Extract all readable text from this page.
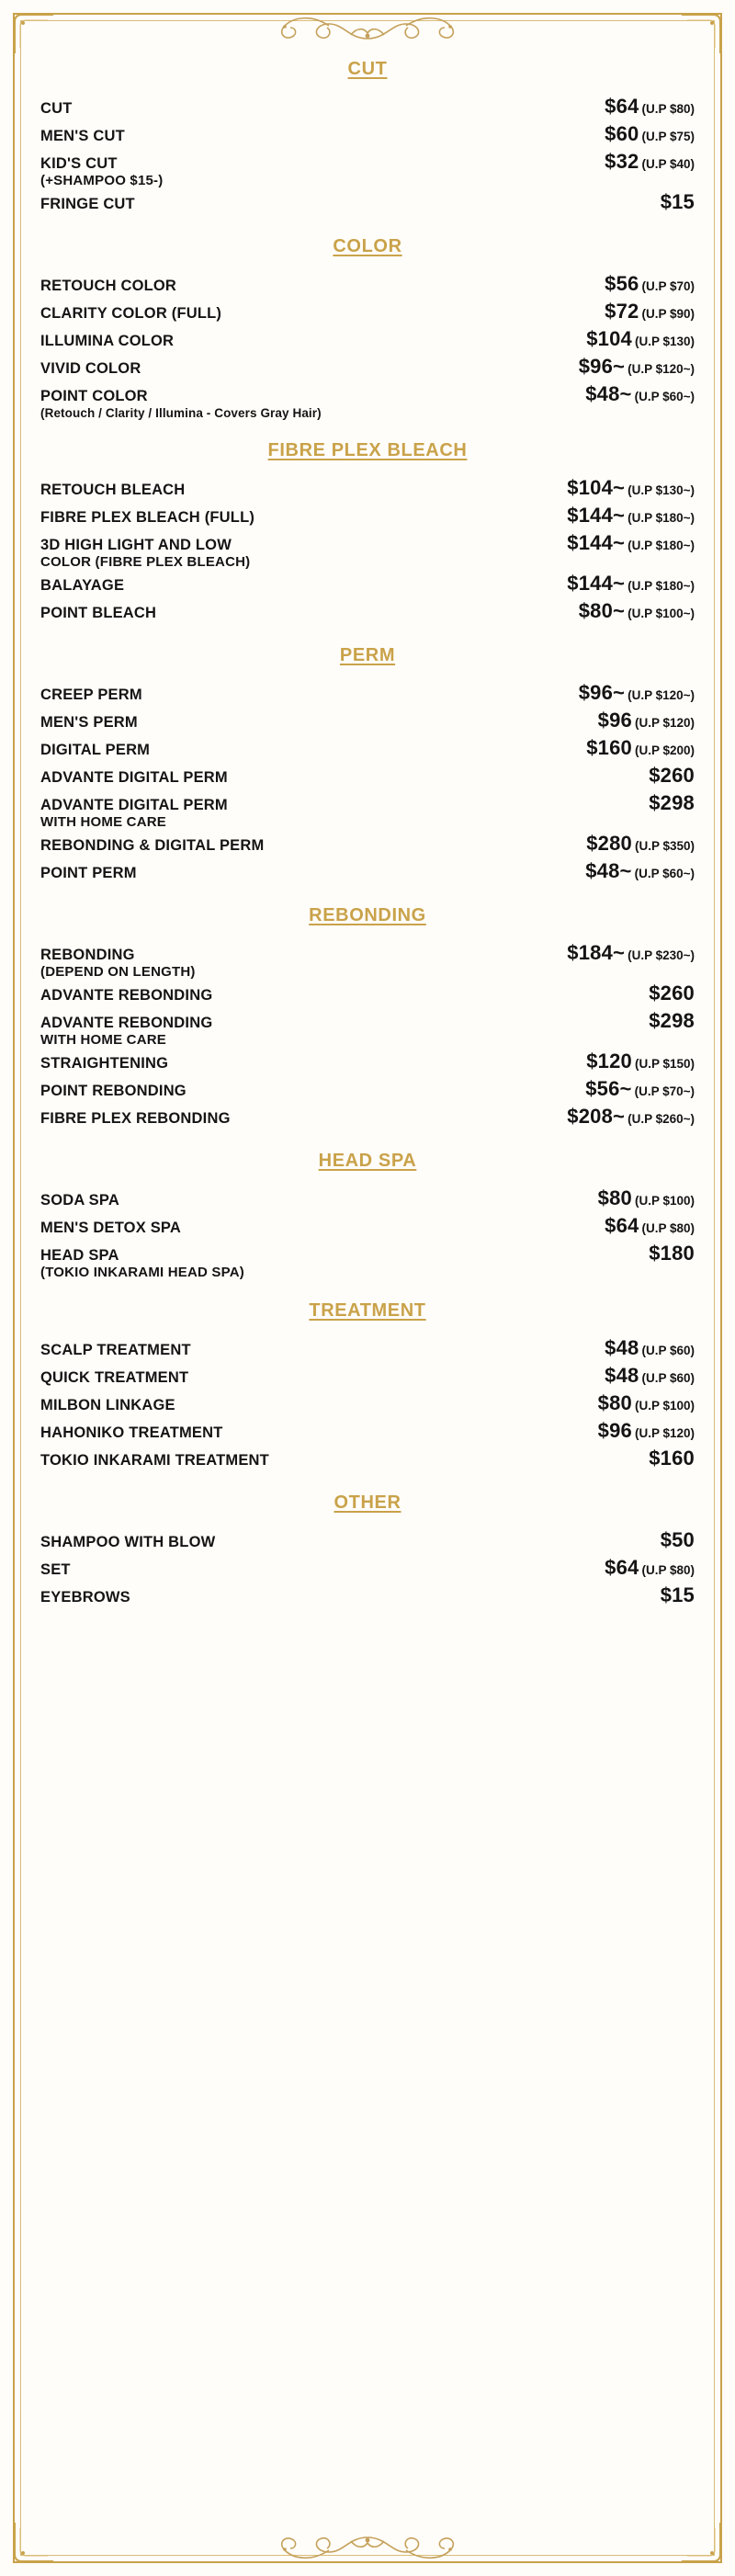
CUT
CUT	$64 (U.P $80)
MEN'S CUT	$60 (U.P $75)
KID'S CUT	$32 (U.P $40)
(+SHAMPOO $15-)
FRINGE CUT	$15
COLOR
RETOUCH COLOR	$56 (U.P $70)
CLARITY COLOR (FULL)	$72 (U.P $90)
ILLUMINA COLOR	$104 (U.P $130)
VIVID COLOR	$96~ (U.P $120~)
POINT COLOR	$48~ (U.P $60~)
(Retouch / Clarity / Illumina - Covers Gray Hair)
FIBRE PLEX BLEACH
RETOUCH BLEACH	$104~ (U.P $130~)
FIBRE PLEX BLEACH (FULL)	$144~ (U.P $180~)
3D HIGH LIGHT AND LOW	$144~ (U.P $180~)
COLOR (FIBRE PLEX BLEACH)
BALAYAGE	$144~ (U.P $180~)
POINT BLEACH	$80~ (U.P $100~)
PERM
CREEP PERM	$96~ (U.P $120~)
MEN'S PERM	$96 (U.P $120)
DIGITAL PERM	$160 (U.P $200)
ADVANTE DIGITAL PERM	$260
ADVANTE DIGITAL PERM	$298
WITH HOME CARE
REBONDING & DIGITAL PERM	$280 (U.P $350)
POINT PERM	$48~ (U.P $60~)
REBONDING
REBONDING	$184~ (U.P $230~)
(DEPEND ON LENGTH)
ADVANTE REBONDING	$260
ADVANTE REBONDING	$298
WITH HOME CARE
STRAIGHTENING	$120 (U.P $150)
POINT REBONDING	$56~ (U.P $70~)
FIBRE PLEX REBONDING	$208~ (U.P $260~)
HEAD SPA
SODA SPA	$80 (U.P $100)
MEN'S DETOX SPA	$64 (U.P $80)
HEAD SPA	$180
(TOKIO INKARAMI HEAD SPA)
TREATMENT
SCALP TREATMENT	$48 (U.P $60)
QUICK TREATMENT	$48 (U.P $60)
MILBON LINKAGE	$80 (U.P $100)
HAHONIKO TREATMENT	$96 (U.P $120)
TOKIO INKARAMI TREATMENT	$160
OTHER
SHAMPOO WITH BLOW	$50
SET	$64 (U.P $80)
EYEBROWS	$15
